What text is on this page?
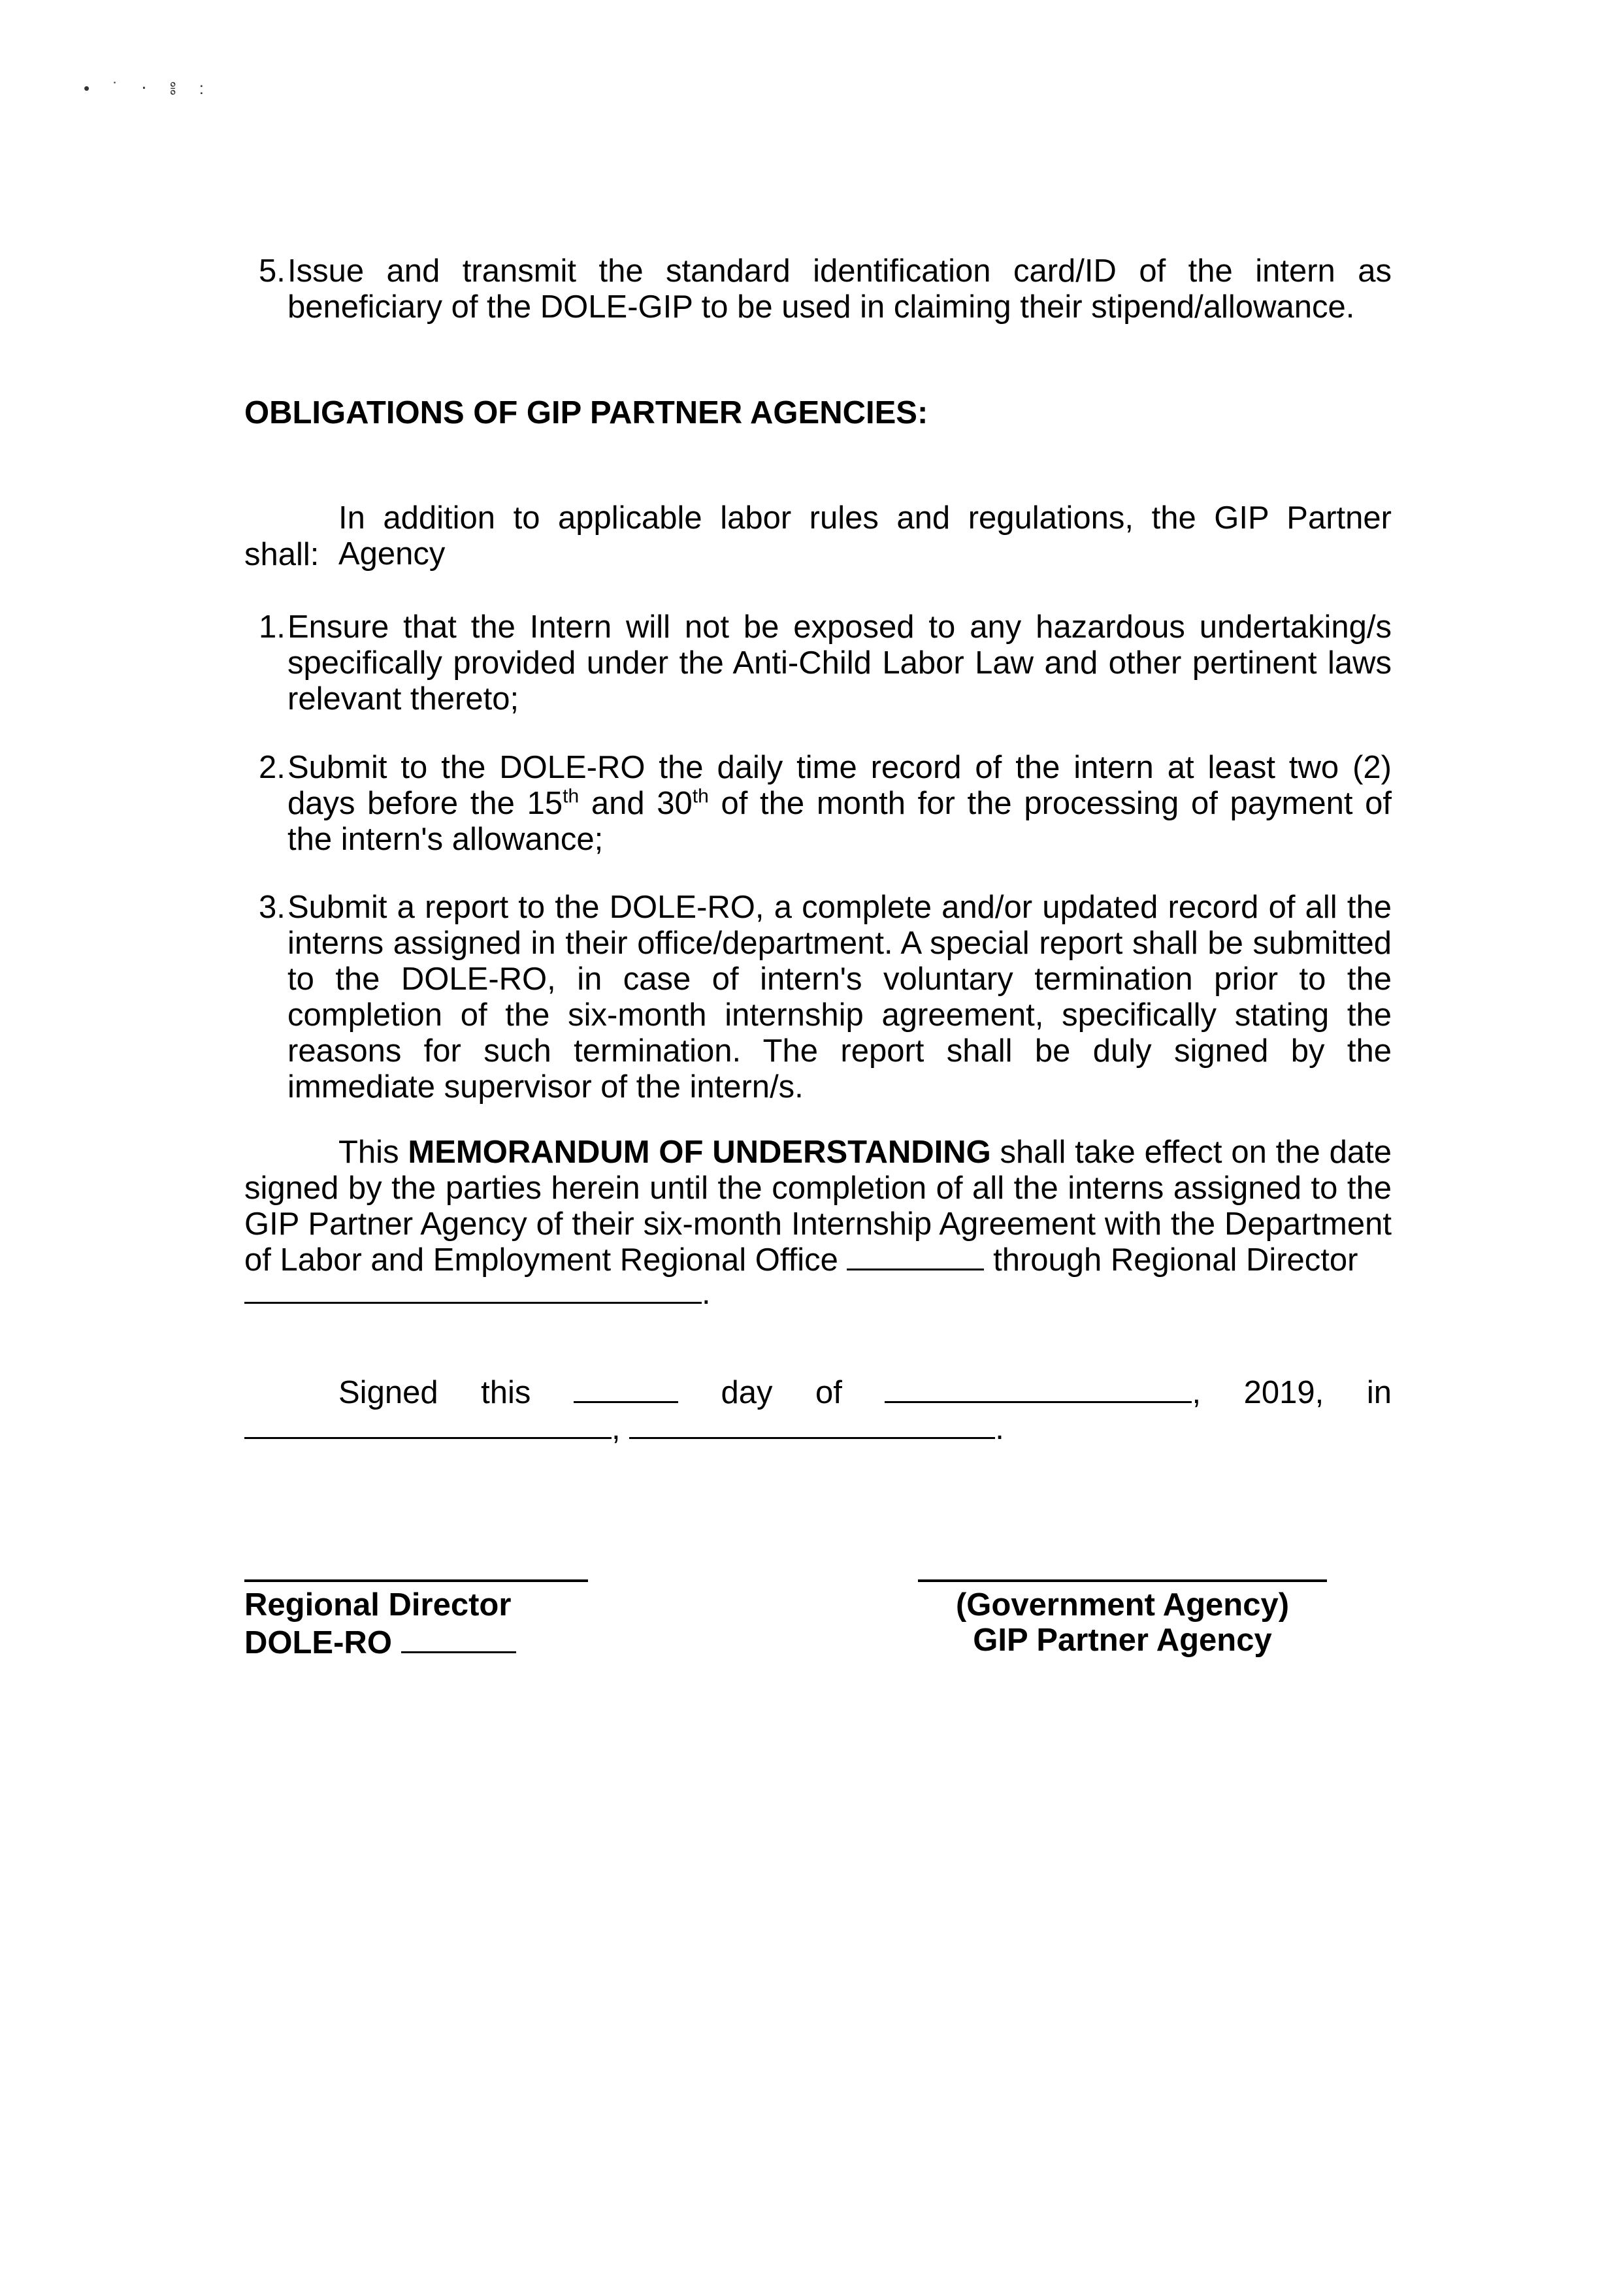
• ˙ ‧ ༔ :
5. Issue and transmit the standard identification card/ID of the intern as beneficiary of the DOLE-GIP to be used in claiming their stipend/allowance.
OBLIGATIONS OF GIP PARTNER AGENCIES:
In addition to applicable labor rules and regulations, the GIP Partner Agency
shall:
1. Ensure that the Intern will not be exposed to any hazardous undertaking/s specifically provided under the Anti-Child Labor Law and other pertinent laws relevant thereto;
2. Submit to the DOLE-RO the daily time record of the intern at least two (2) days before the 15th and 30th of the month for the processing of payment of the intern's allowance;
3. Submit a report to the DOLE-RO, a complete and/or updated record of all the interns assigned in their office/department. A special report shall be submitted to the DOLE-RO, in case of intern's voluntary termination prior to the completion of the six-month internship agreement, specifically stating the reasons for such termination. The report shall be duly signed by the immediate supervisor of the intern/s.
This MEMORANDUM OF UNDERSTANDING shall take effect on the date signed by the parties herein until the completion of all the interns assigned to the GIP Partner Agency of their six-month Internship Agreement with the Department of Labor and Employment Regional Office	through Regional Director
.
Signed this	day of	, 2019, in
,	.
Regional Director
DOLE-RO
(Government Agency)
GIP Partner Agency
